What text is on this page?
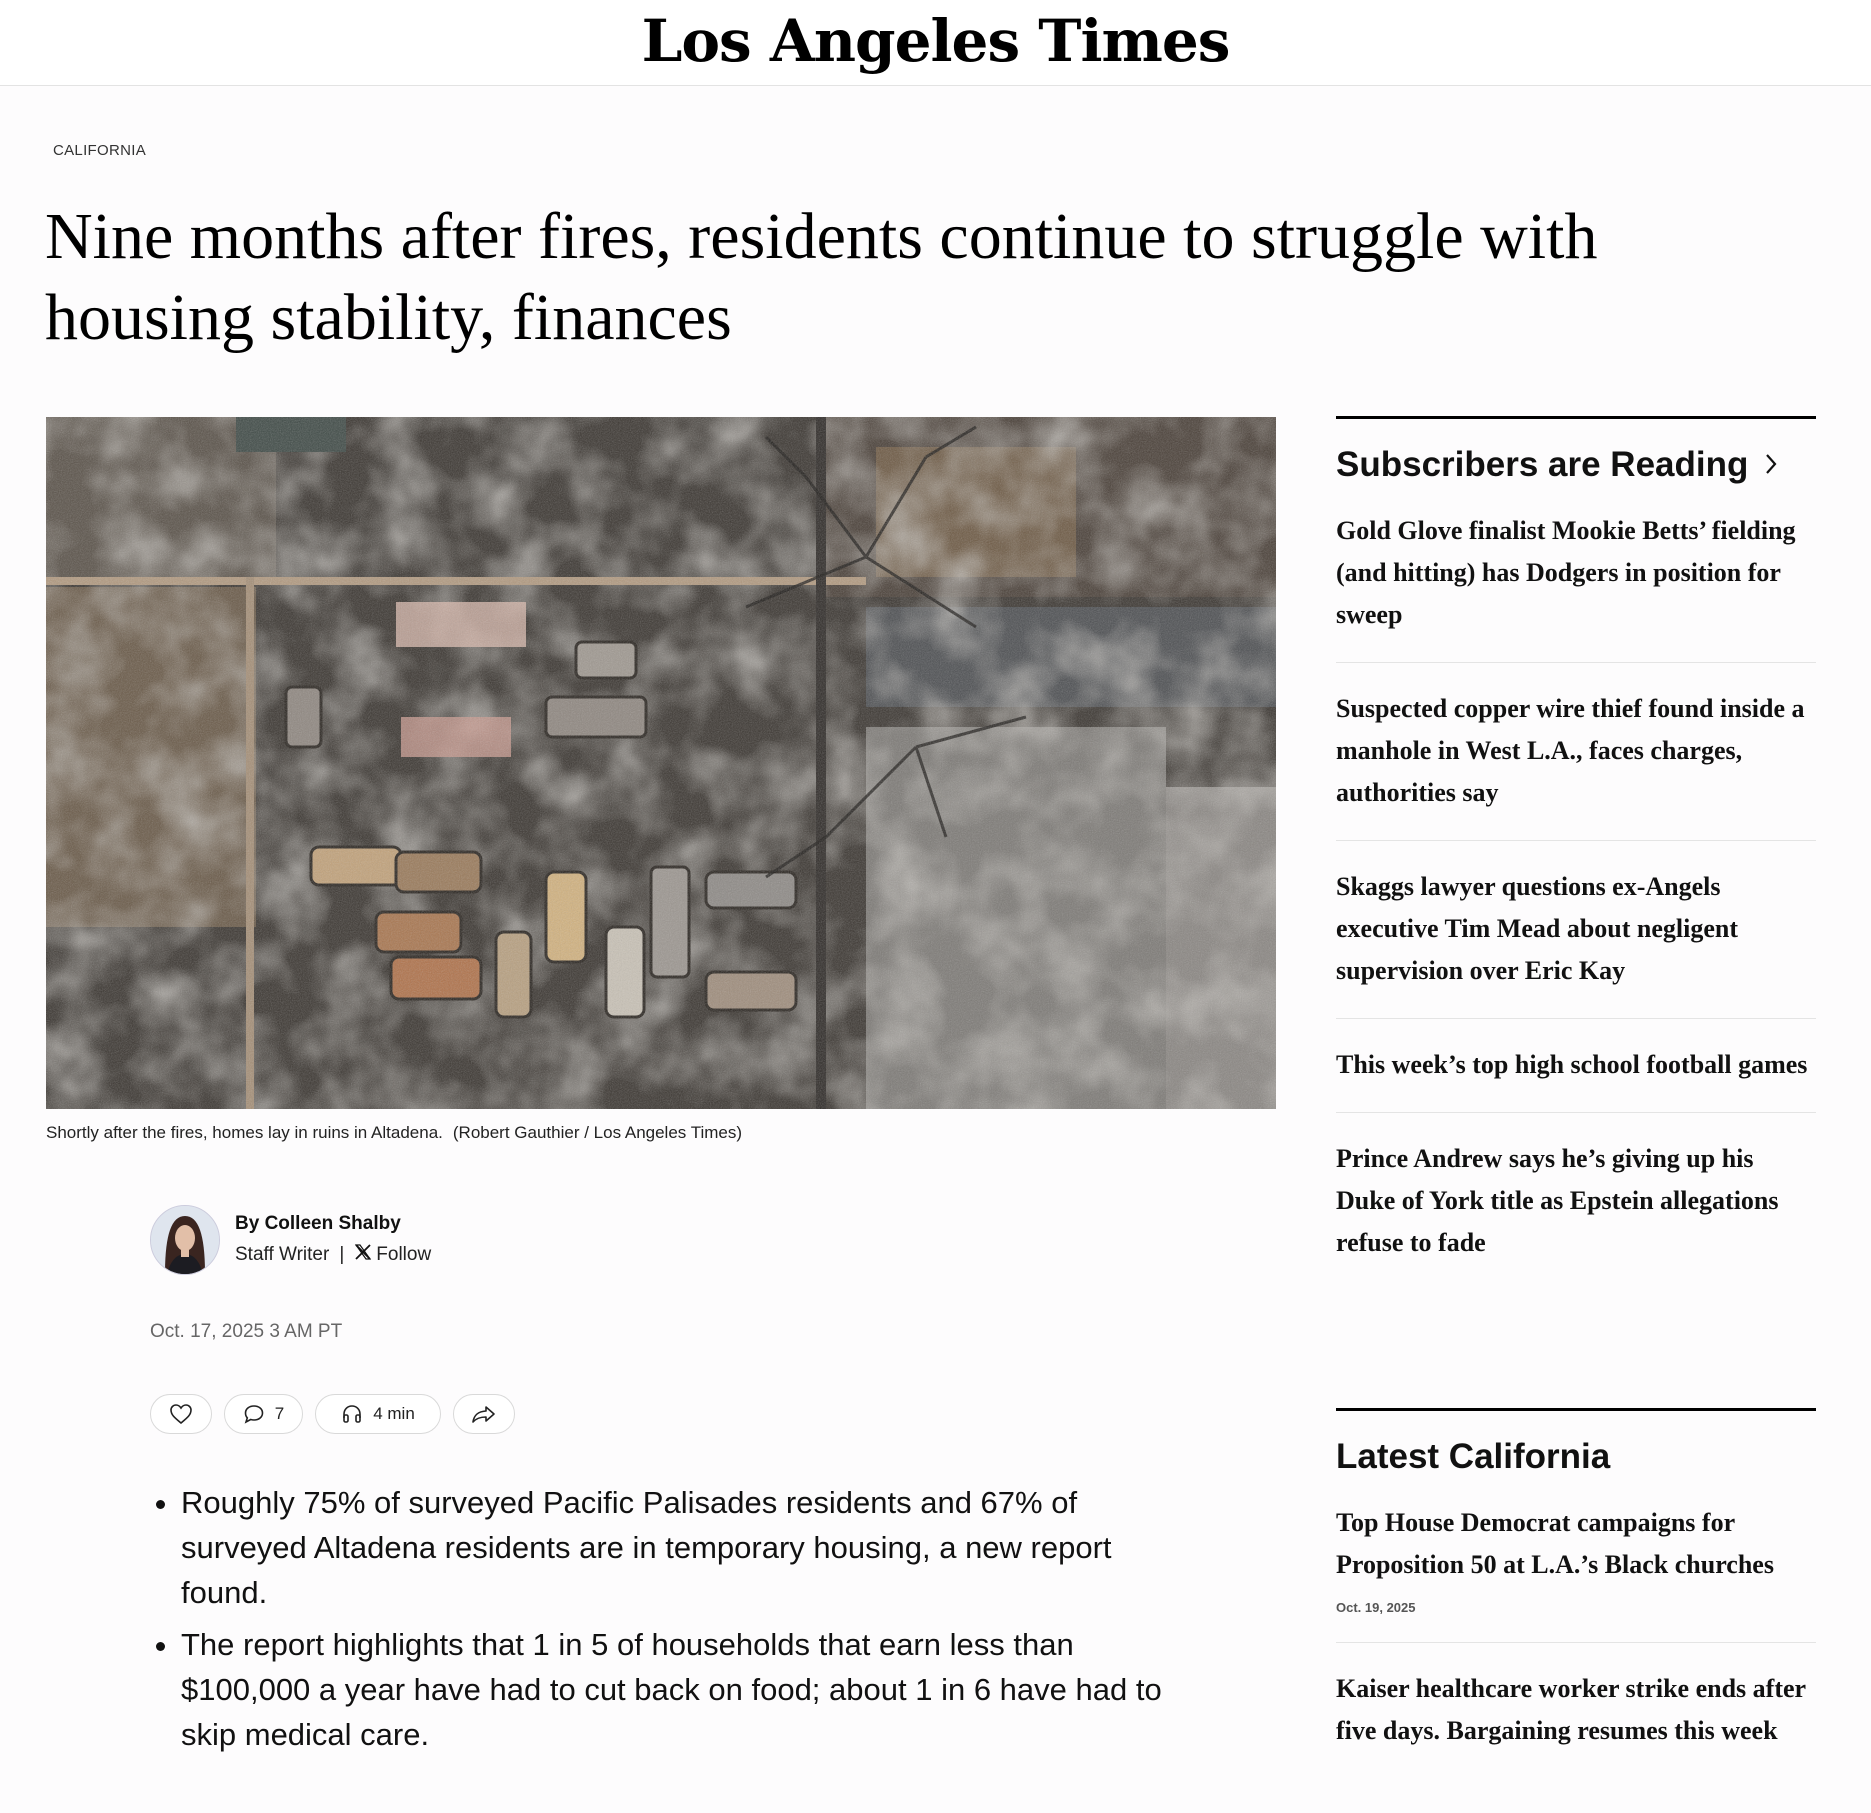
Los Angeles Times
CALIFORNIA
Nine months after fires, residents continue to struggle with housing stability, finances
Shortly after the fires, homes lay in ruins in Altadena. (Robert Gauthier / Los Angeles Times)
By Colleen Shalby
Staff Writer | Follow
Oct. 17, 2025 3 AM PT
7	4 min
• Roughly 75% of surveyed Pacific Palisades residents and 67% of surveyed Altadena residents are in temporary housing, a new report found.
• The report highlights that 1 in 5 of households that earn less than $100,000 a year have had to cut back on food; about 1 in 6 have had to skip medical care.
Subscribers are Reading
Gold Glove finalist Mookie Betts’ fielding (and hitting) has Dodgers in position for sweep
Suspected copper wire thief found inside a manhole in West L.A., faces charges, authorities say
Skaggs lawyer questions ex-Angels executive Tim Mead about negligent supervision over Eric Kay
This week’s top high school football games
Prince Andrew says he’s giving up his Duke of York title as Epstein allegations refuse to fade
Latest California
Top House Democrat campaigns for Proposition 50 at L.A.’s Black churches
Oct. 19, 2025
Kaiser healthcare worker strike ends after five days. Bargaining resumes this week
